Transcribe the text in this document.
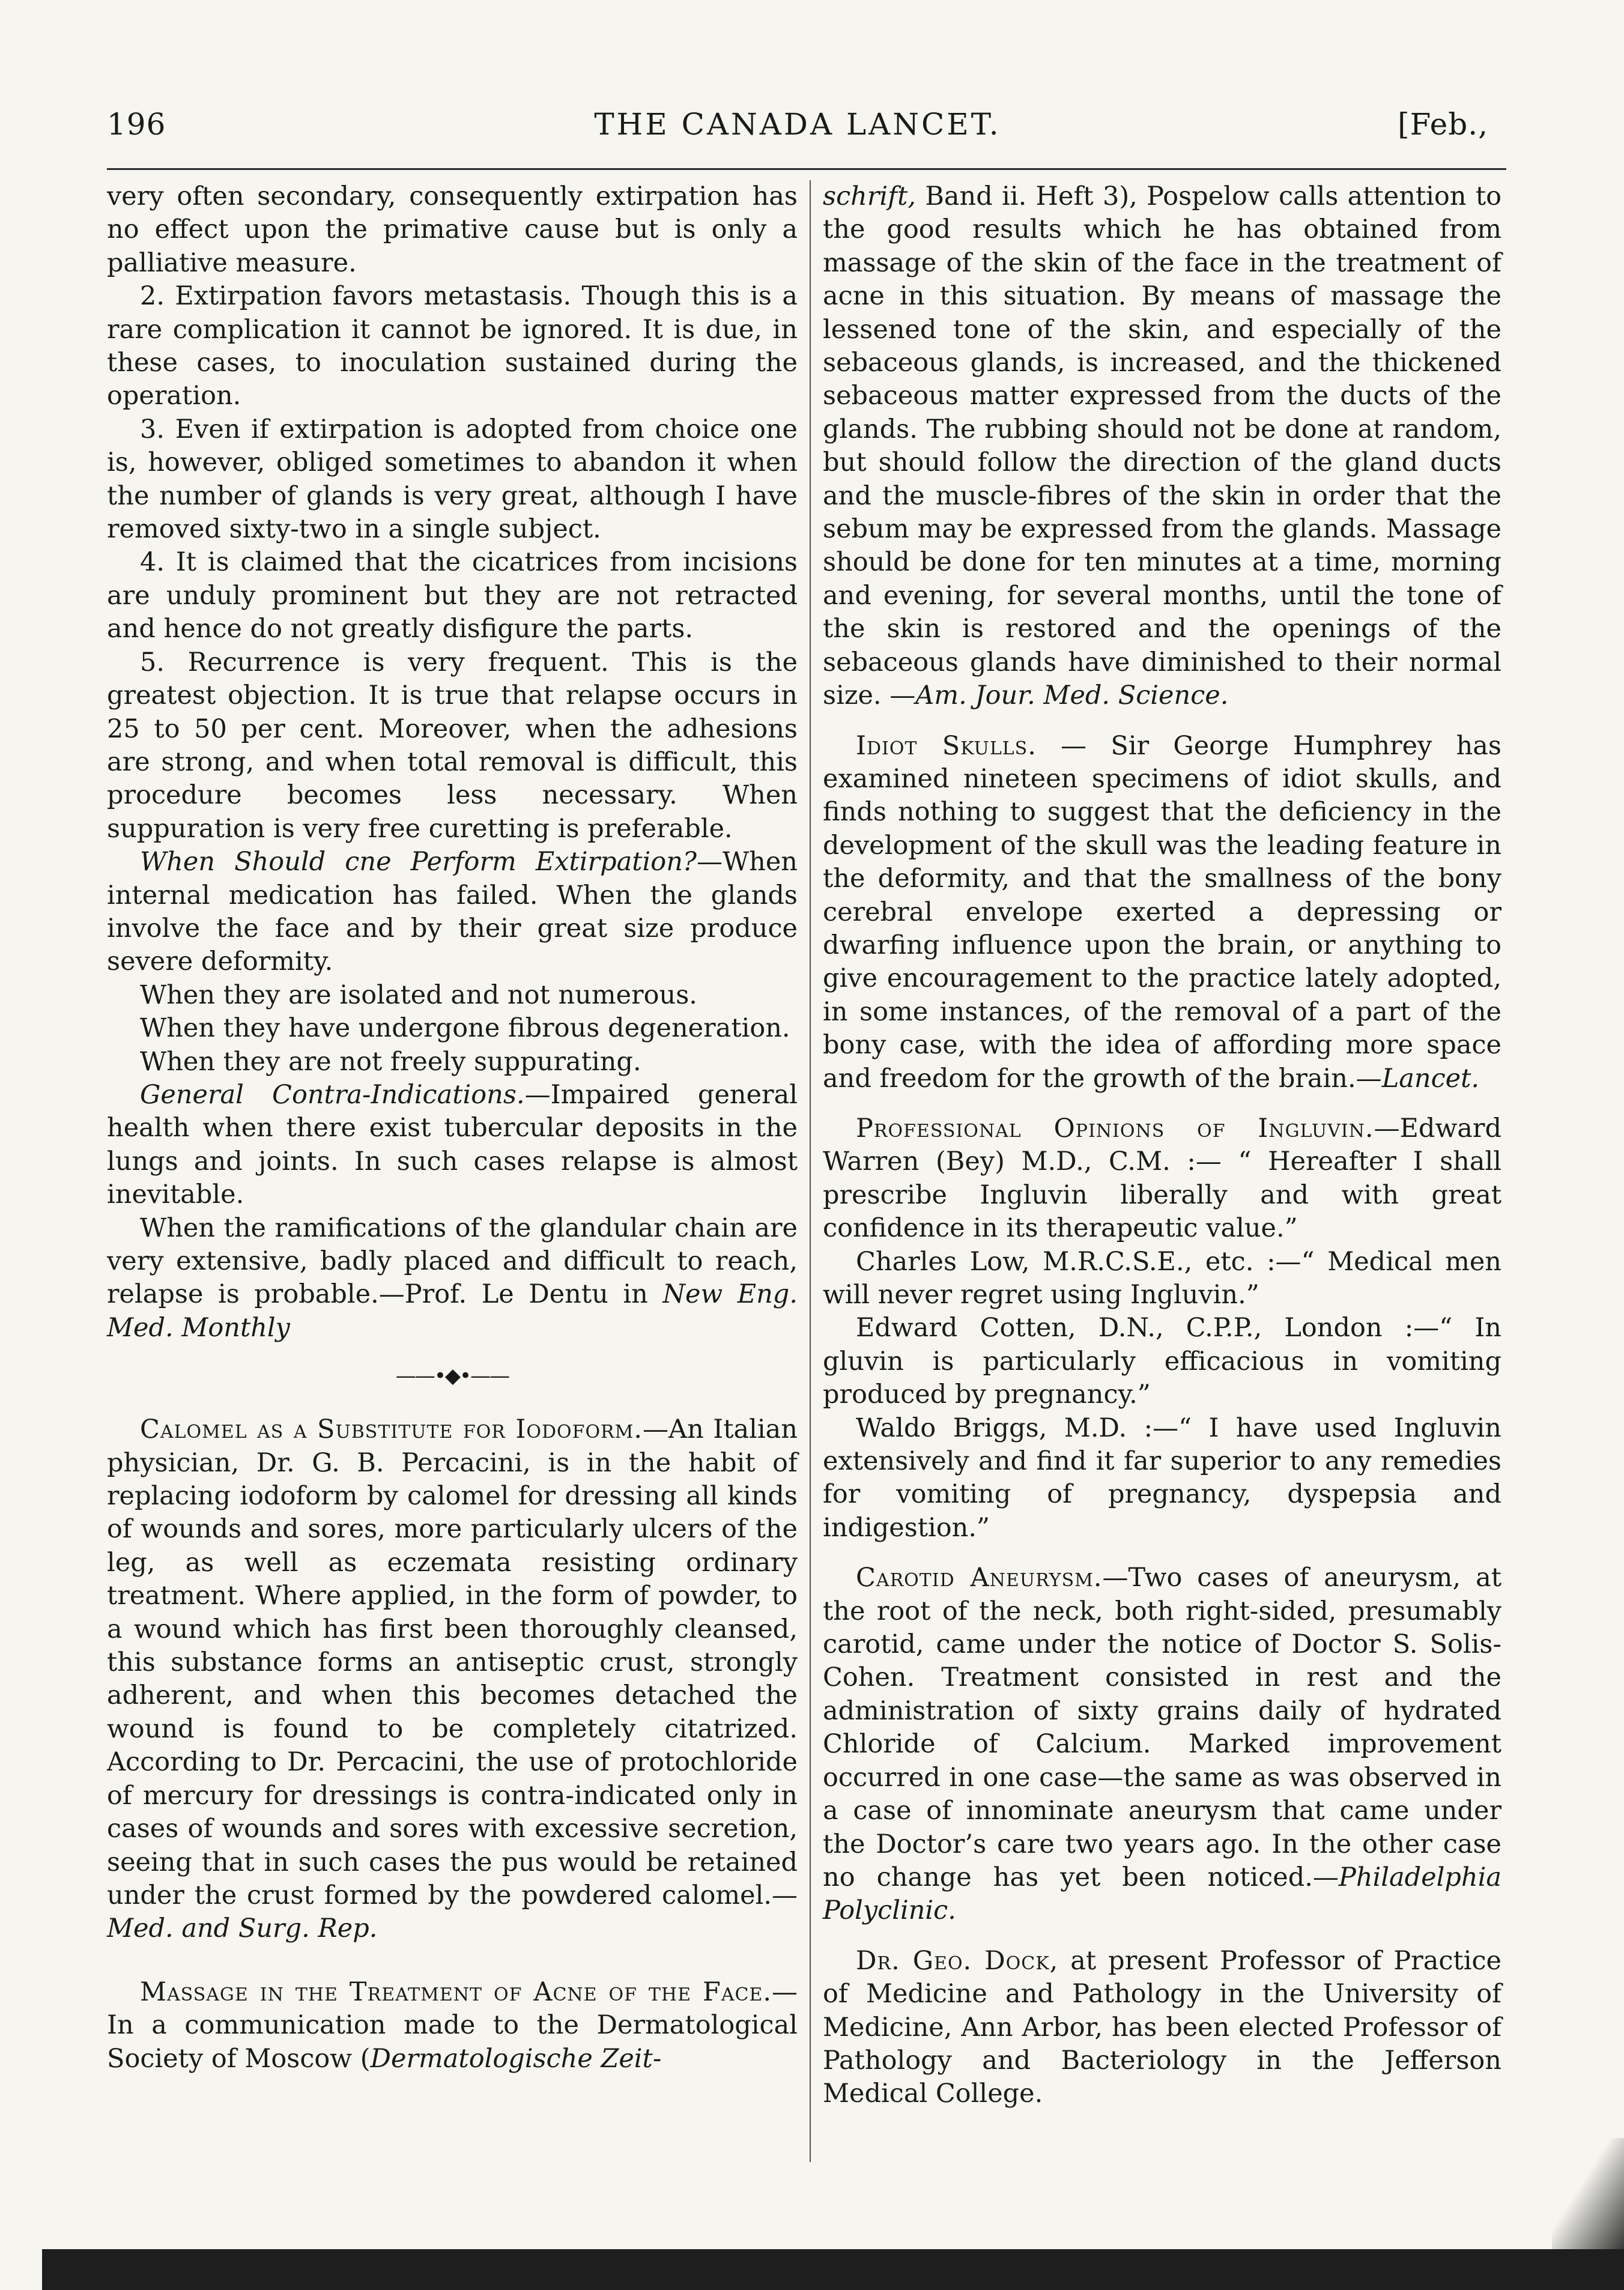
196	THE CANADA LANCET.	[Feb.,

very often secondary, consequently extirpation has no effect upon the primative cause but is only a palliative measure.

2. Extirpation favors metastasis. Though this is a rare complication it cannot be ignored. It is due, in these cases, to inoculation sustained during the operation.

3. Even if extirpation is adopted from choice one is, however, obliged sometimes to abandon it when the number of glands is very great, although I have removed sixty-two in a single subject.

4. It is claimed that the cicatrices from incisions are unduly prominent but they are not retracted and hence do not greatly disfigure the parts.

5. Recurrence is very frequent. This is the greatest objection. It is true that relapse occurs in 25 to 50 per cent. Moreover, when the adhesions are strong, and when total removal is difficult, this procedure becomes less necessary. When suppuration is very free curetting is preferable.

When Should cne Perform Extirpation?—When internal medication has failed. When the glands involve the face and by their great size produce severe deformity.

When they are isolated and not numerous.

When they have undergone fibrous degeneration.

When they are not freely suppurating.

General Contra-Indications.—Impaired general health when there exist tubercular deposits in the lungs and joints. In such cases relapse is almost inevitable.

When the ramifications of the glandular chain are very extensive, badly placed and difficult to reach, relapse is probable.—Prof. Le Dentu in New Eng. Med. Monthly

——•◆•——

Calomel as a Substitute for Iodoform.—An Italian physician, Dr. G. B. Percacini, is in the habit of replacing iodoform by calomel for dressing all kinds of wounds and sores, more particularly ulcers of the leg, as well as eczemata resisting ordinary treatment. Where applied, in the form of powder, to a wound which has first been thoroughly cleansed, this substance forms an antiseptic crust, strongly adherent, and when this becomes detached the wound is found to be completely citatrized. According to Dr. Percacini, the use of protochloride of mercury for dressings is contra-indicated only in cases of wounds and sores with excessive secretion, seeing that in such cases the pus would be retained under the crust formed by the powdered calomel.—Med. and Surg. Rep.

Massage in the Treatment of Acne of the Face.—In a communication made to the Dermatological Society of Moscow (Dermatologische Zeit-

schrift, Band ii. Heft 3), Pospelow calls attention to the good results which he has obtained from massage of the skin of the face in the treatment of acne in this situation. By means of massage the lessened tone of the skin, and especially of the sebaceous glands, is increased, and the thickened sebaceous matter expressed from the ducts of the glands. The rubbing should not be done at random, but should follow the direction of the gland ducts and the muscle-fibres of the skin in order that the sebum may be expressed from the glands. Massage should be done for ten minutes at a time, morning and evening, for several months, until the tone of the skin is restored and the openings of the sebaceous glands have diminished to their normal size. —Am. Jour. Med. Science.

Idiot Skulls. — Sir George Humphrey has examined nineteen specimens of idiot skulls, and finds nothing to suggest that the deficiency in the development of the skull was the leading feature in the deformity, and that the smallness of the bony cerebral envelope exerted a depressing or dwarfing influence upon the brain, or anything to give encouragement to the practice lately adopted, in some instances, of the removal of a part of the bony case, with the idea of affording more space and freedom for the growth of the brain.—Lancet.

Professional Opinions of Ingluvin.—Edward Warren (Bey) M.D., C.M. :— “ Hereafter I shall prescribe Ingluvin liberally and with great confidence in its therapeutic value.”

Charles Low, M.R.C.S.E., etc. :—“ Medical men will never regret using Ingluvin.”

Edward Cotten, D.N., C.P.P., London :—“ In gluvin is particularly efficacious in vomiting produced by pregnancy.”

Waldo Briggs, M.D. :—“ I have used Ingluvin extensively and find it far superior to any remedies for vomiting of pregnancy, dyspepsia and indigestion.”

Carotid Aneurysm.—Two cases of aneurysm, at the root of the neck, both right-sided, presumably carotid, came under the notice of Doctor S. Solis-Cohen. Treatment consisted in rest and the administration of sixty grains daily of hydrated Chloride of Calcium. Marked improvement occurred in one case—the same as was observed in a case of innominate aneurysm that came under the Doctor’s care two years ago. In the other case no change has yet been noticed.—Philadelphia Polyclinic.

Dr. Geo. Dock, at present Professor of Practice of Medicine and Pathology in the University of Medicine, Ann Arbor, has been elected Professor of Pathology and Bacteriology in the Jefferson Medical College.
